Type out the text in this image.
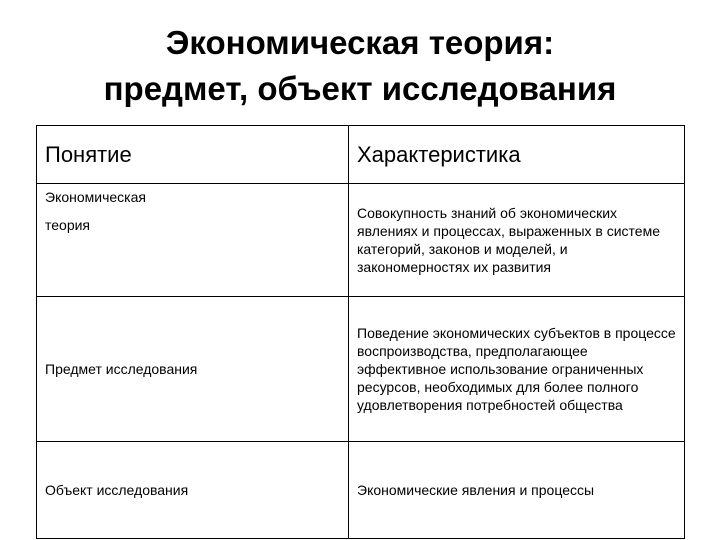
Экономическая теория:
предмет, объект исследования
Понятие	Характеристика

Экономическая
теория	Совокупность знаний об экономических явлениях и процессах, выраженных в системе категорий, законов и моделей, и закономерностях их развития
Предмет исследования	Поведение экономических субъектов в процессе воспроизводства, предполагающее эффективное использование ограниченных ресурсов, необходимых для более полного удовлетворения потребностей общества
Объект исследования	Экономические явления и процессы
